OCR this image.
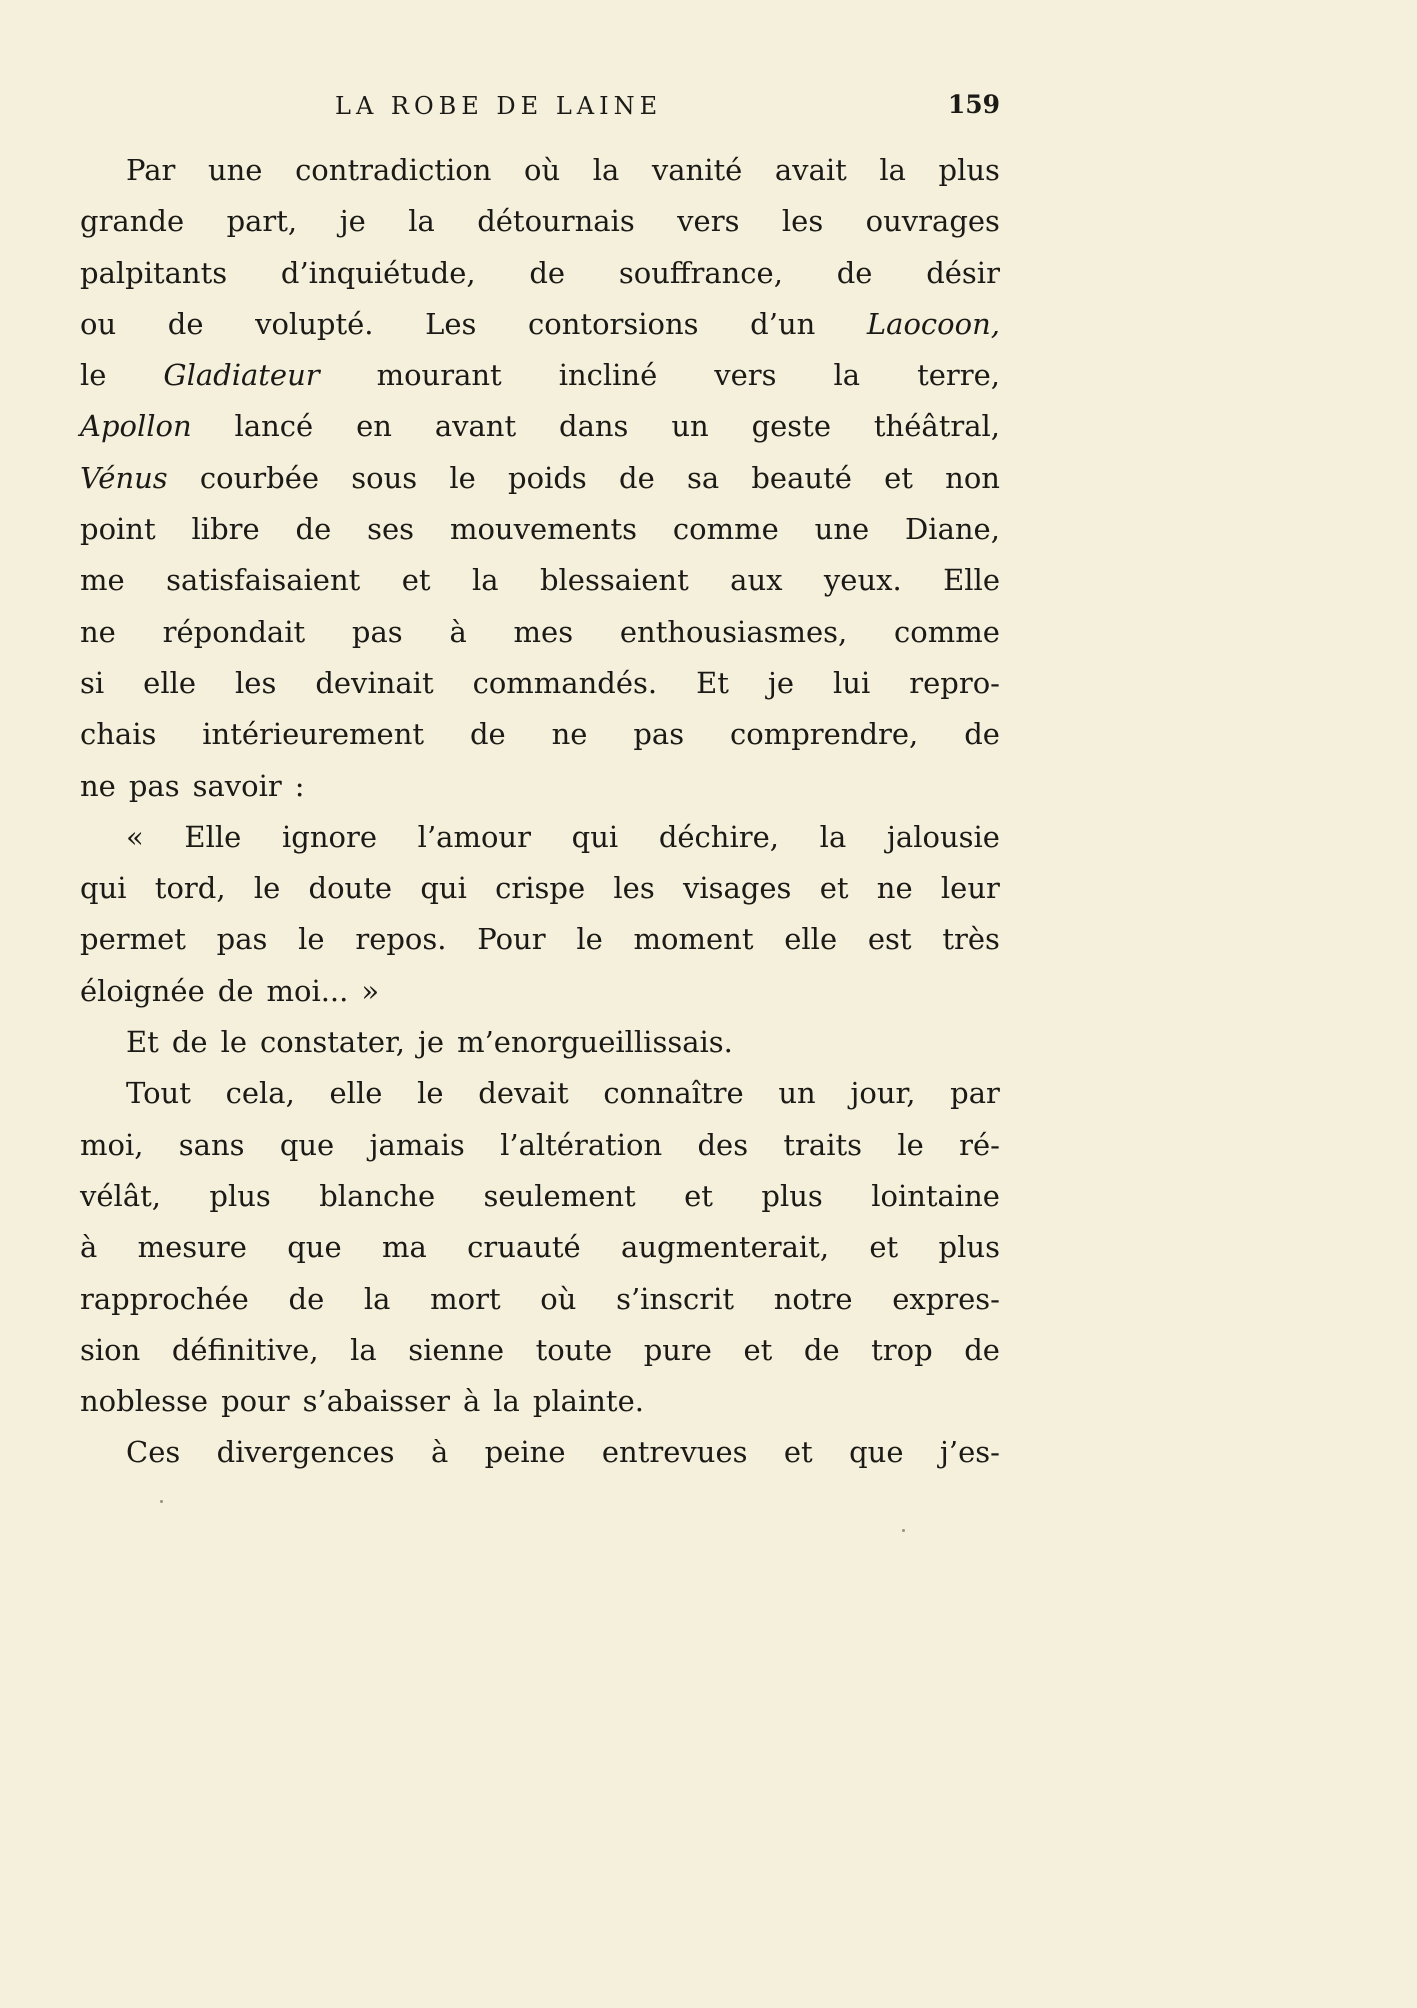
LA ROBE DE LAINE	159
Par une contradiction où la vanité avait la plus
grande part, je la détournais vers les ouvrages
palpitants d’inquiétude, de souffrance, de désir
ou de volupté. Les contorsions d’un Laocoon,
le Gladiateur mourant incliné vers la terre,
Apollon lancé en avant dans un geste théâtral,
Vénus courbée sous le poids de sa beauté et non
point libre de ses mouvements comme une Diane,
me satisfaisaient et la blessaient aux yeux. Elle
ne répondait pas à mes enthousiasmes, comme
si elle les devinait commandés. Et je lui repro-
chais intérieurement de ne pas comprendre, de
ne pas savoir :
« Elle ignore l’amour qui déchire, la jalousie
qui tord, le doute qui crispe les visages et ne leur
permet pas le repos. Pour le moment elle est très
éloignée de moi... »
Et de le constater, je m’enorgueillissais.
Tout cela, elle le devait connaître un jour, par
moi, sans que jamais l’altération des traits le ré-
vélât, plus blanche seulement et plus lointaine
à mesure que ma cruauté augmenterait, et plus
rapprochée de la mort où s’inscrit notre expres-
sion définitive, la sienne toute pure et de trop de
noblesse pour s’abaisser à la plainte.
Ces divergences à peine entrevues et que j’es-
